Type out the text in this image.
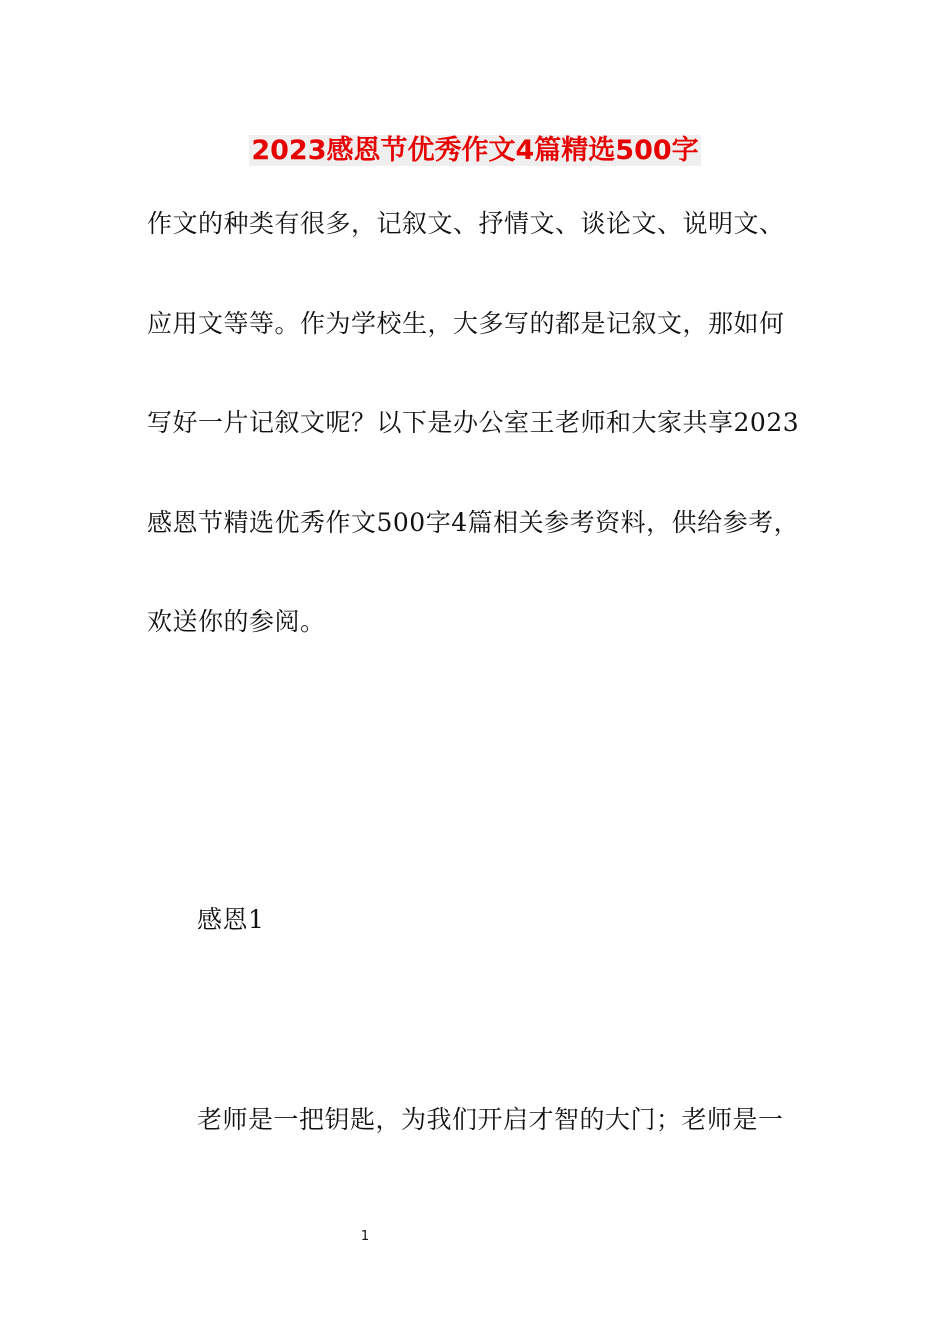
2023感恩节优秀作文4篇精选500字

作文的种类有很多，记叙文、抒情文、谈论文、说明文、

应用文等等。作为学校生，大多写的都是记叙文，那如何

写好一片记叙文呢？以下是办公室王老师和大家共享2023

感恩节精选优秀作文500字4篇相关参考资料，供给参考，

欢送你的参阅。

感恩1

老师是一把钥匙，为我们开启才智的大门；老师是一

1
